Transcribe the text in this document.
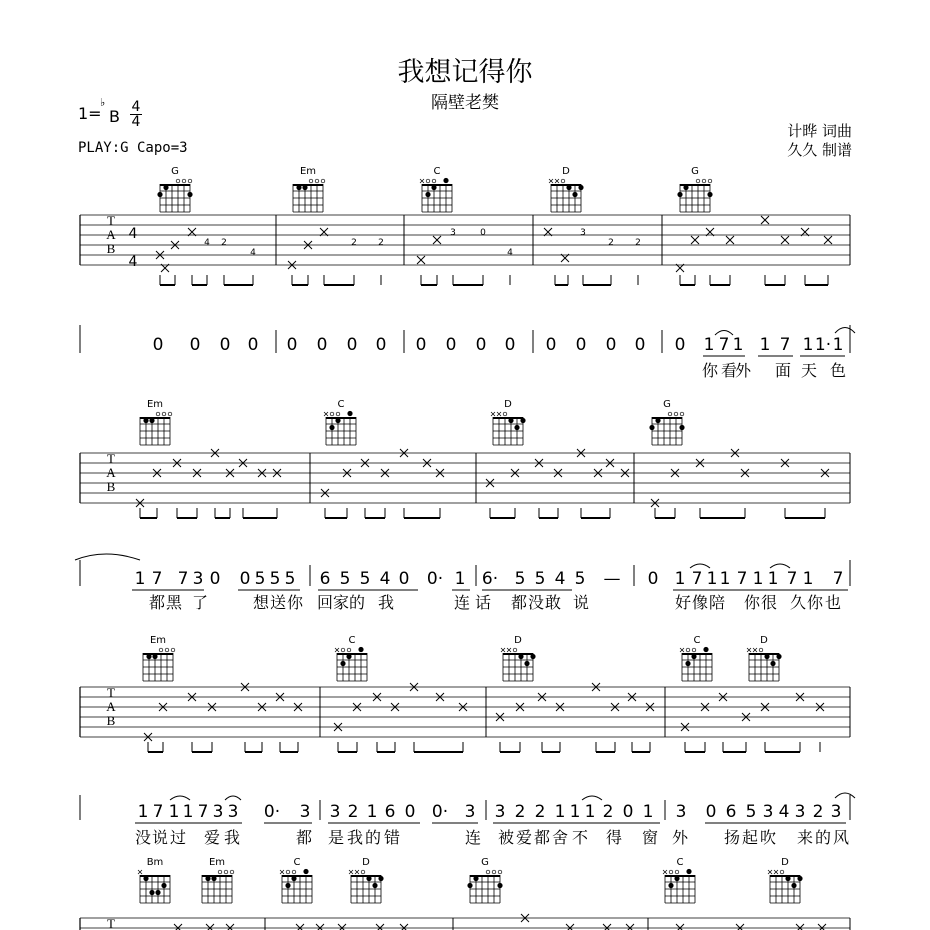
我想记得你
隔壁老樊
1=
♭
B 4
4
PLAY:G Capo=3
计晔 词曲
久久 制谱
G	Em	C	D	G
T
A
B
4
4
4 2
4
2 2
3	0
4
3
2 2
0 0 0 0 0 0 0 0 0 0 0 0 0 0 0 0 0 1 7 1 1 7 1 1· 1
你 看
外 面 天 色
Em	C	D	G
T
A
B
1 7 7 3 0 0 5 5 5 6 5 5 4 0 0· 1 6· 5 5 4 5 — 0 1 7 1 1 7 1 1 7 1 7
都 黑 了	想 送 你 回 家 的 我	连 话 都 没 敢 说	好 像 陪 你 很 久 你 也
Em	C	D	C	D
T
A
B
1 7 1 1 7 3 3 0· 3 3 2 1 6 0 0· 3 3 2 2 1 1 1 2 0 1 3 0 6 5 3 4 3 2 3
没 说 过 爱 我	都 是 我 的 错	连 被 爱 都 舍 不 得 窗 外 扬 起 吹 来 的 风
Bm	Em	C	D	G	C	D
T
